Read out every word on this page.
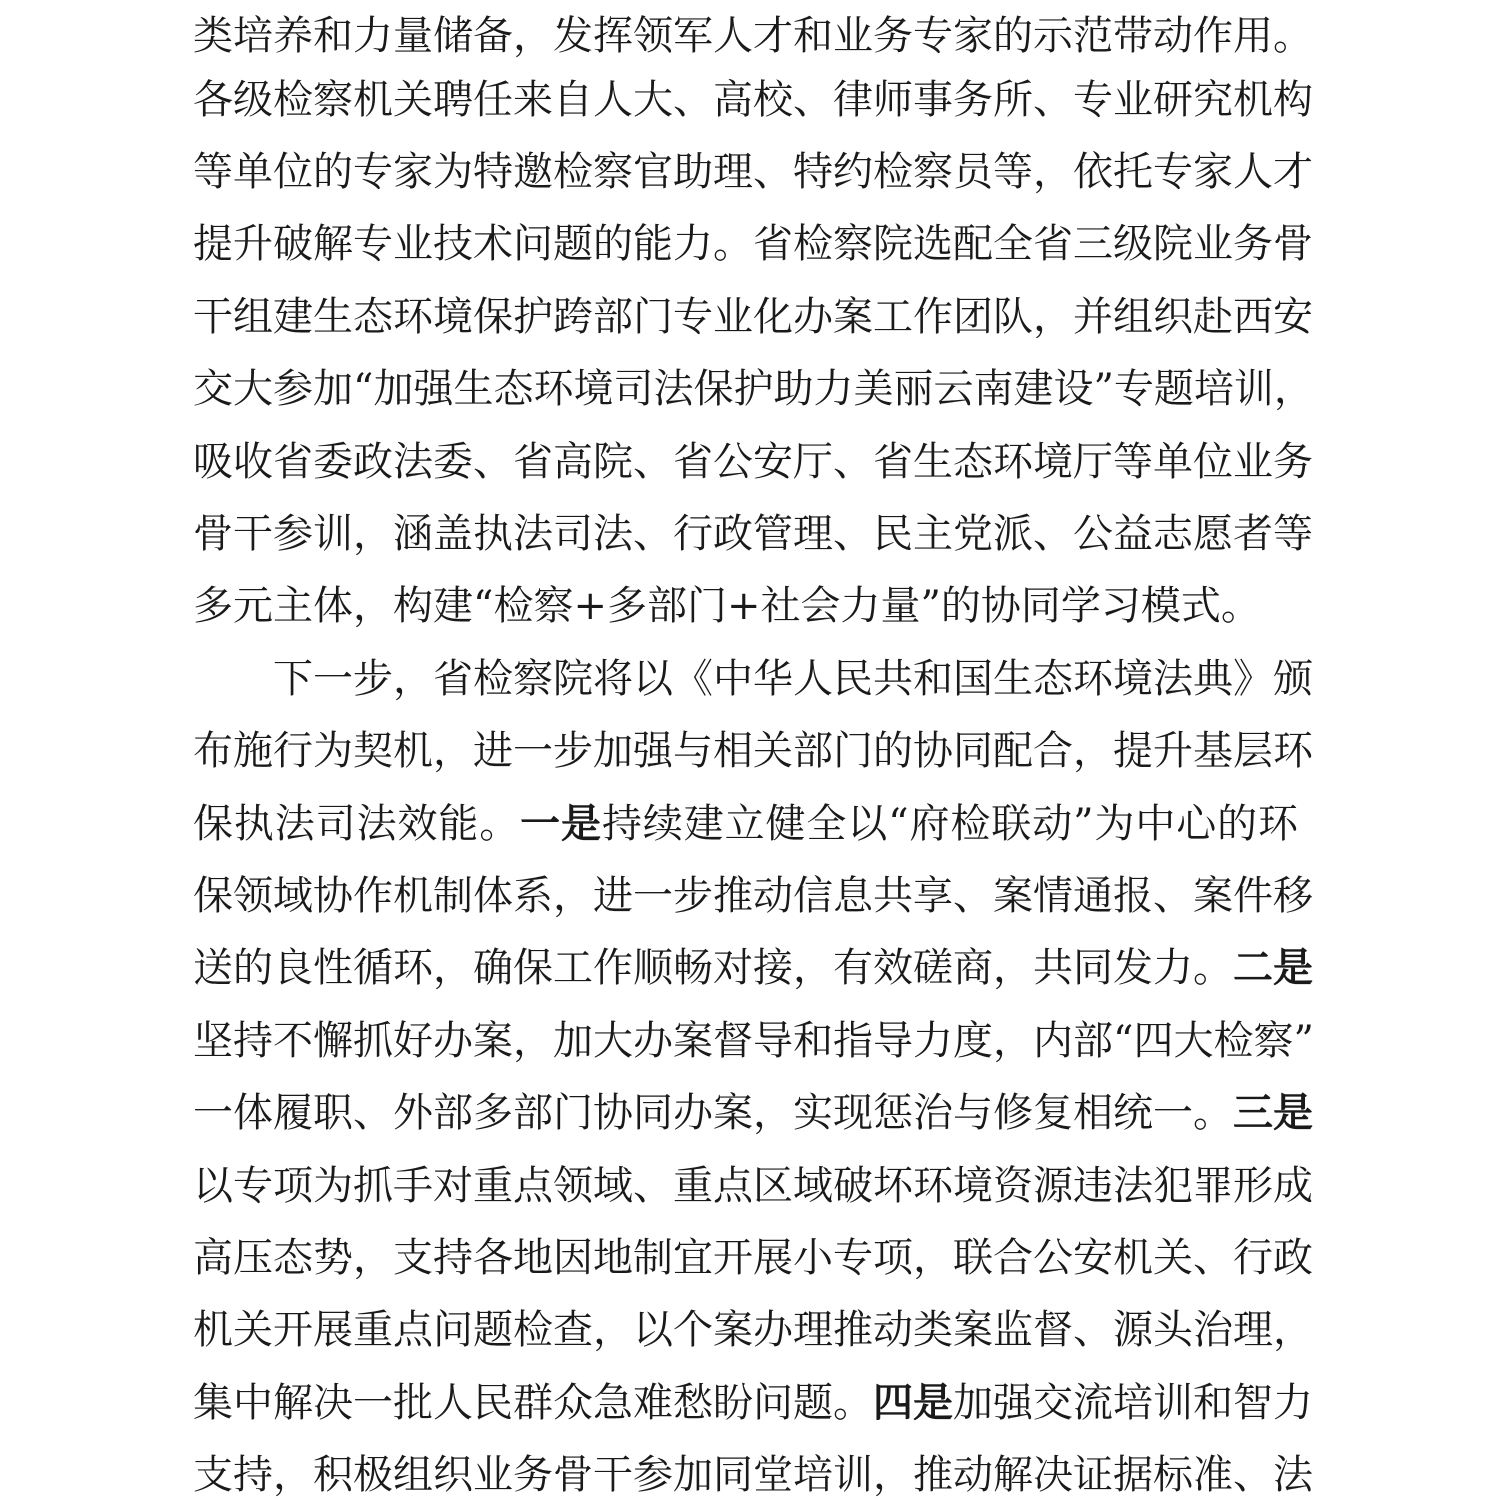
类培养和力量储备，发挥领军人才和业务专家的示范带动作用。
各级检察机关聘任来自人大、高校、律师事务所、专业研究机构
等单位的专家为特邀检察官助理、特约检察员等，依托专家人才
提升破解专业技术问题的能力。省检察院选配全省三级院业务骨
干组建生态环境保护跨部门专业化办案工作团队，并组织赴西安
交大参加“加强生态环境司法保护助力美丽云南建设”专题培训，
吸收省委政法委、省高院、省公安厅、省生态环境厅等单位业务
骨干参训，涵盖执法司法、行政管理、民主党派、公益志愿者等
多元主体，构建“检察+多部门+社会力量”的协同学习模式。
下一步，省检察院将以《中华人民共和国生态环境法典》颁
布施行为契机，进一步加强与相关部门的协同配合，提升基层环
保执法司法效能。一是持续建立健全以“府检联动”为中心的环
保领域协作机制体系，进一步推动信息共享、案情通报、案件移
送的良性循环，确保工作顺畅对接，有效磋商，共同发力。二是
坚持不懈抓好办案，加大办案督导和指导力度，内部“四大检察”
一体履职、外部多部门协同办案，实现惩治与修复相统一。三是
以专项为抓手对重点领域、重点区域破坏环境资源违法犯罪形成
高压态势，支持各地因地制宜开展小专项，联合公安机关、行政
机关开展重点问题检查，以个案办理推动类案监督、源头治理，
集中解决一批人民群众急难愁盼问题。四是加强交流培训和智力
支持，积极组织业务骨干参加同堂培训，推动解决证据标准、法
